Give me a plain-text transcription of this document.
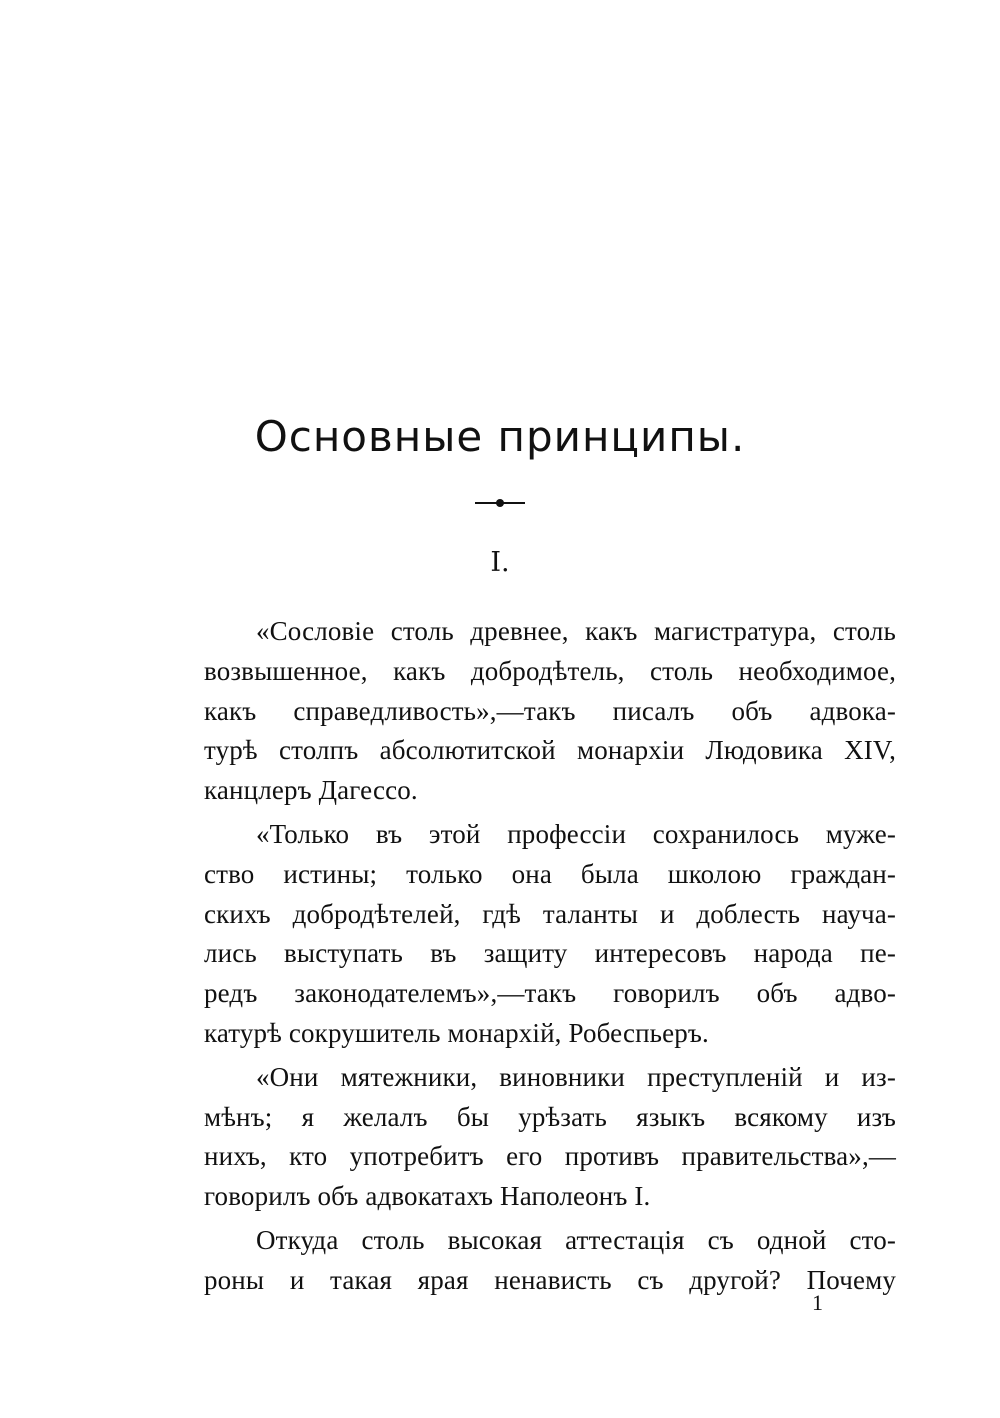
Основные принципы.
I.
«Сословіе столь древнее, какъ магистратура, столь
возвышенное, какъ добродѣтель, столь необходимое,
какъ справедливость»,—такъ писалъ объ адвока-
турѣ столпъ абсолютитской монархіи Людовика XIV,
канцлеръ Дагессо.
«Только въ этой профессіи сохранилось муже-
ство истины; только она была школою граждан-
скихъ добродѣтелей, гдѣ таланты и доблесть научa-
лись выступать въ защиту интересовъ народа пе-
редъ законодателемъ»,—такъ говорилъ объ адво-
катурѣ сокрушитель монархій, Робеспьеръ.
«Они мятежники, виновники преступленій и из-
мѣнъ; я желалъ бы урѣзать языкъ всякому изъ
нихъ, кто употребитъ его противъ правительства»,—
говорилъ объ адвокатахъ Наполеонъ I.
Откуда столь высокая аттестація съ одной сто-
роны и такая ярая ненависть съ другой? Почему
1
